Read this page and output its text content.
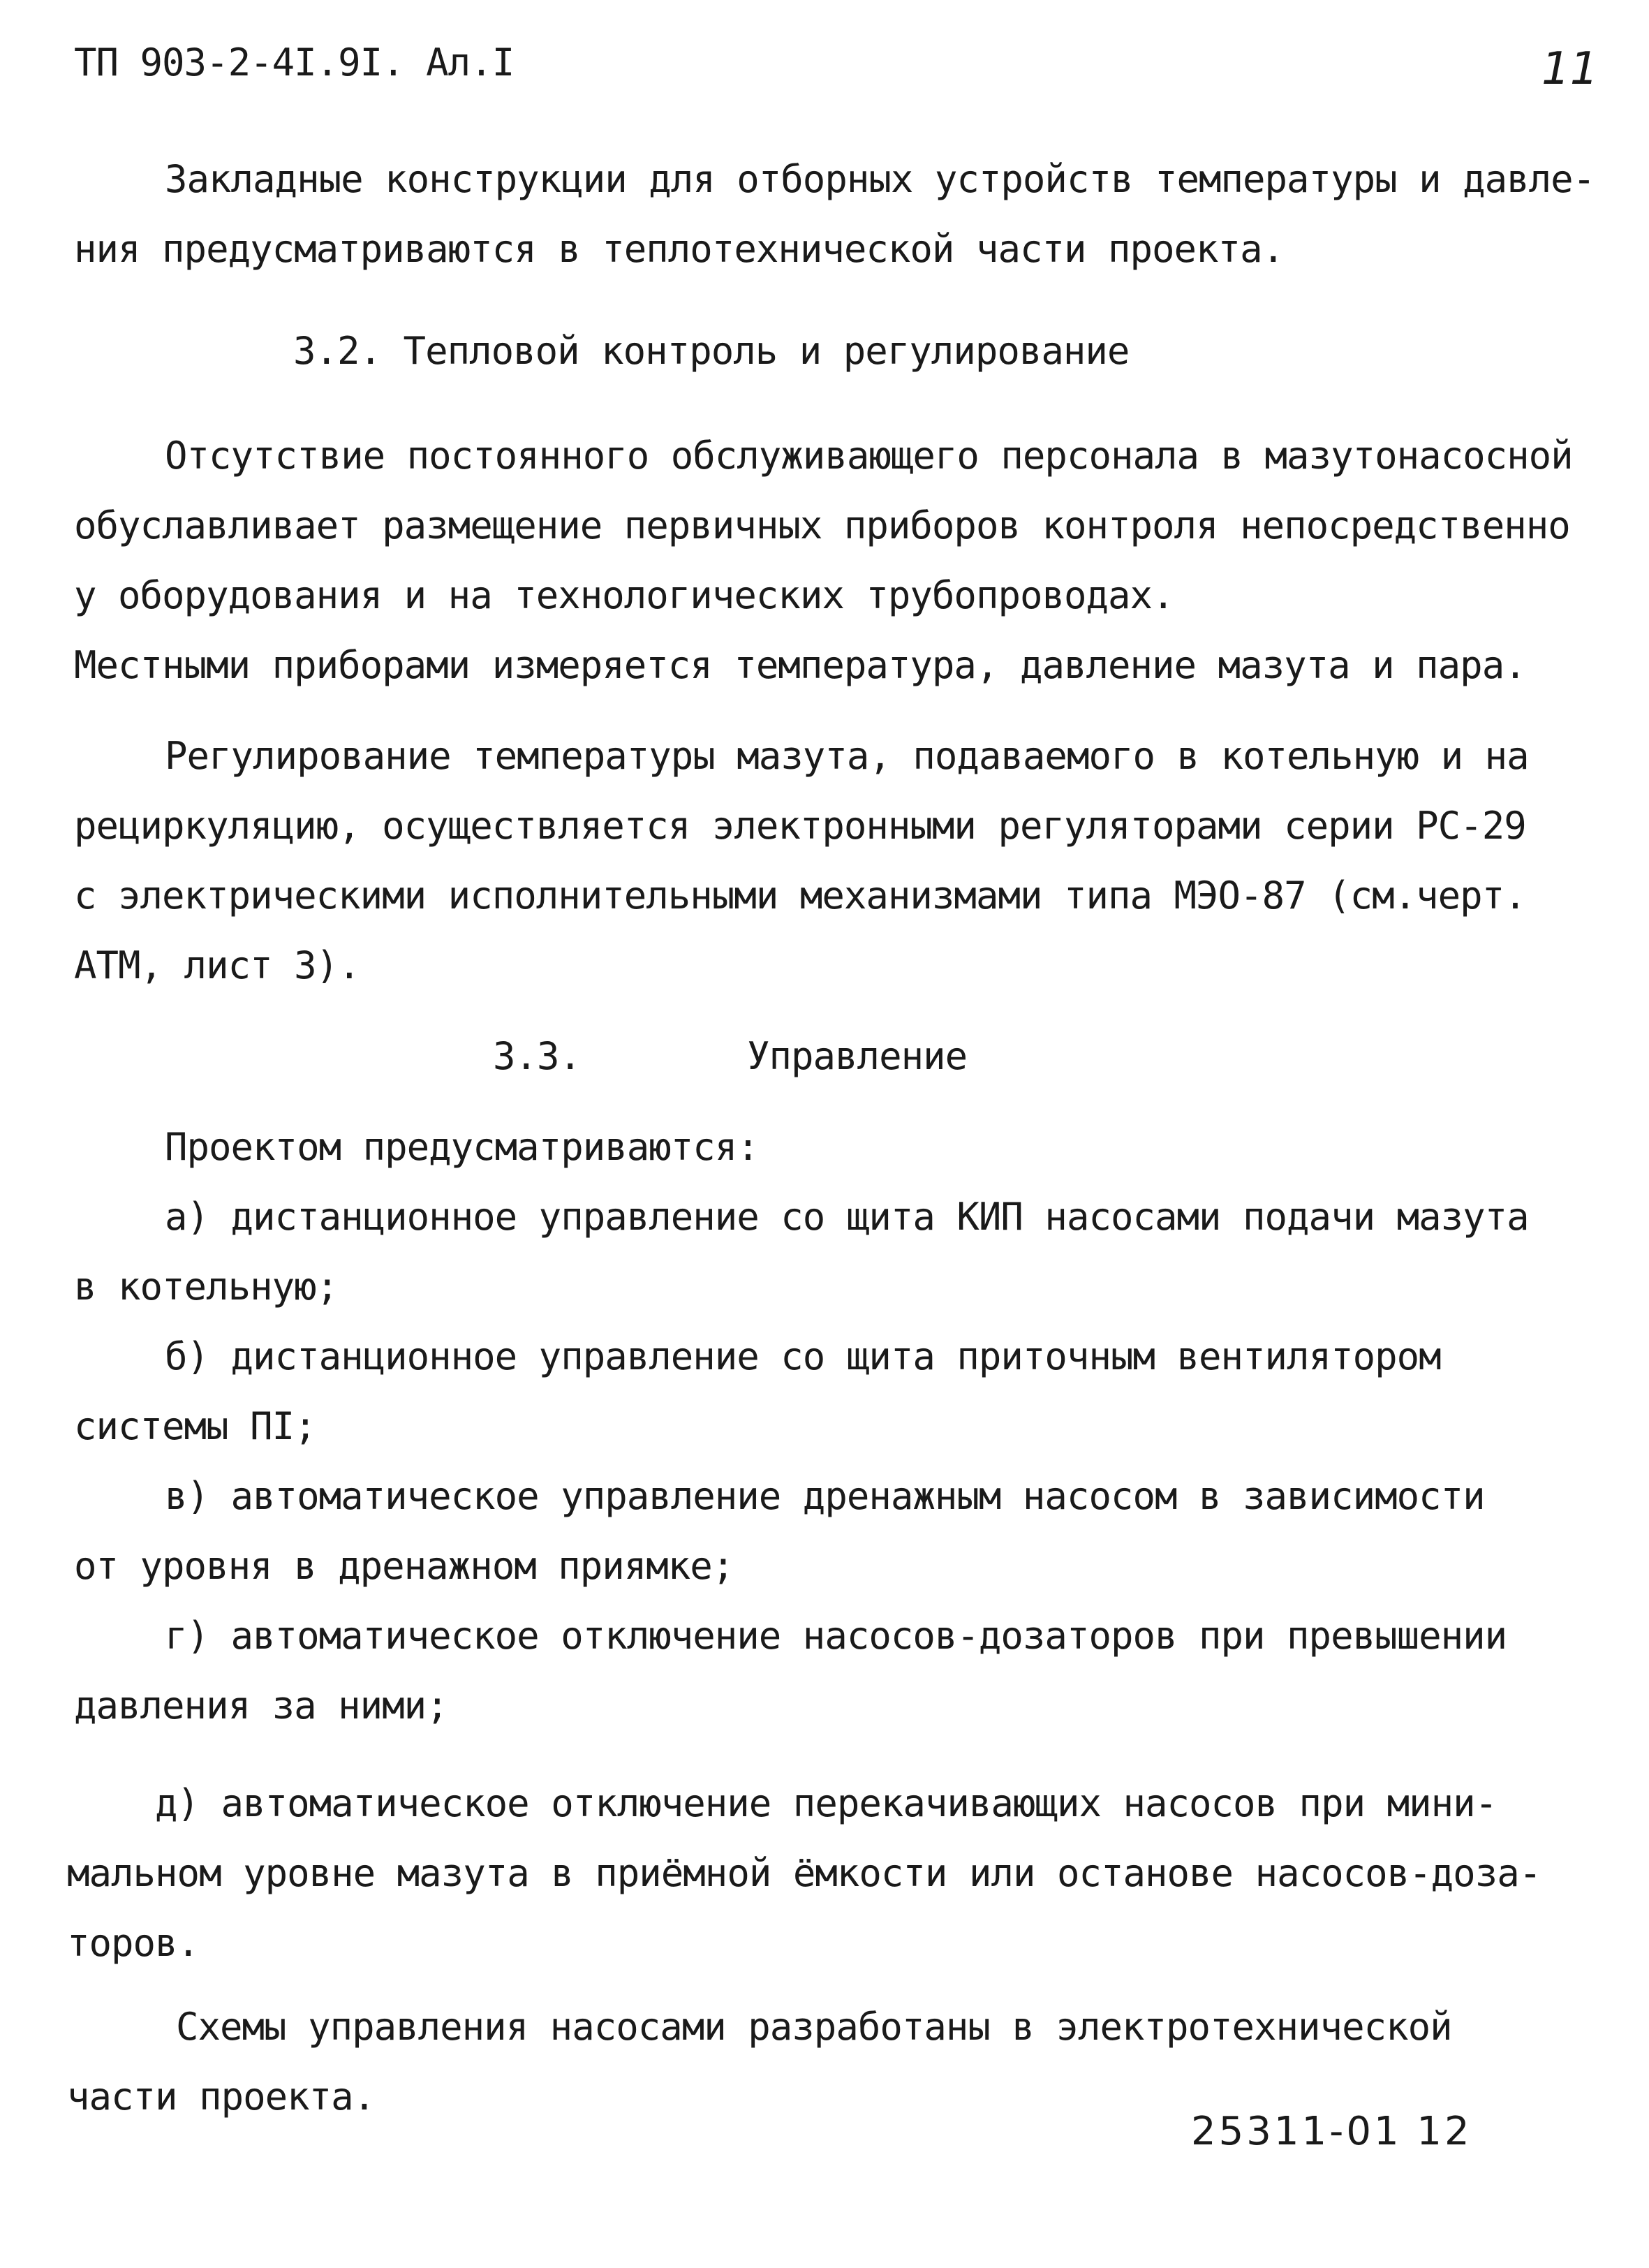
ТП 903-2-4I.9I. Ал.I	11
Закладные конструкции для отборных устройств температуры и давле-
ния предусматриваются в теплотехнической части проекта.
3.2. Тепловой контроль и регулирование
Отсутствие постоянного обслуживающего персонала в мазутонасосной
обуславливает размещение первичных приборов контроля непосредственно
у оборудования и на технологических трубопроводах.
Местными приборами измеряется температура, давление мазута и пара.
Регулирование температуры мазута, подаваемого в котельную и на
рециркуляцию, осуществляется электронными регуляторами серии РС-29
с электрическими исполнительными механизмами типа МЭО-87 (см.черт.
АТМ, лист 3).
3.3.	Управление
Проектом предусматриваются:
а) дистанционное управление со щита КИП насосами подачи мазута
в котельную;
б) дистанционное управление со щита приточным вентилятором
системы ПI;
в) автоматическое управление дренажным насосом в зависимости
от уровня в дренажном приямке;
г) автоматическое отключение насосов-дозаторов при превышении
давления за ними;
д) автоматическое отключение перекачивающих насосов при мини-
мальном уровне мазута в приёмной ёмкости или останове насосов-доза-
торов.
Схемы управления насосами разработаны в электротехнической
части проекта.
25311-01 12
